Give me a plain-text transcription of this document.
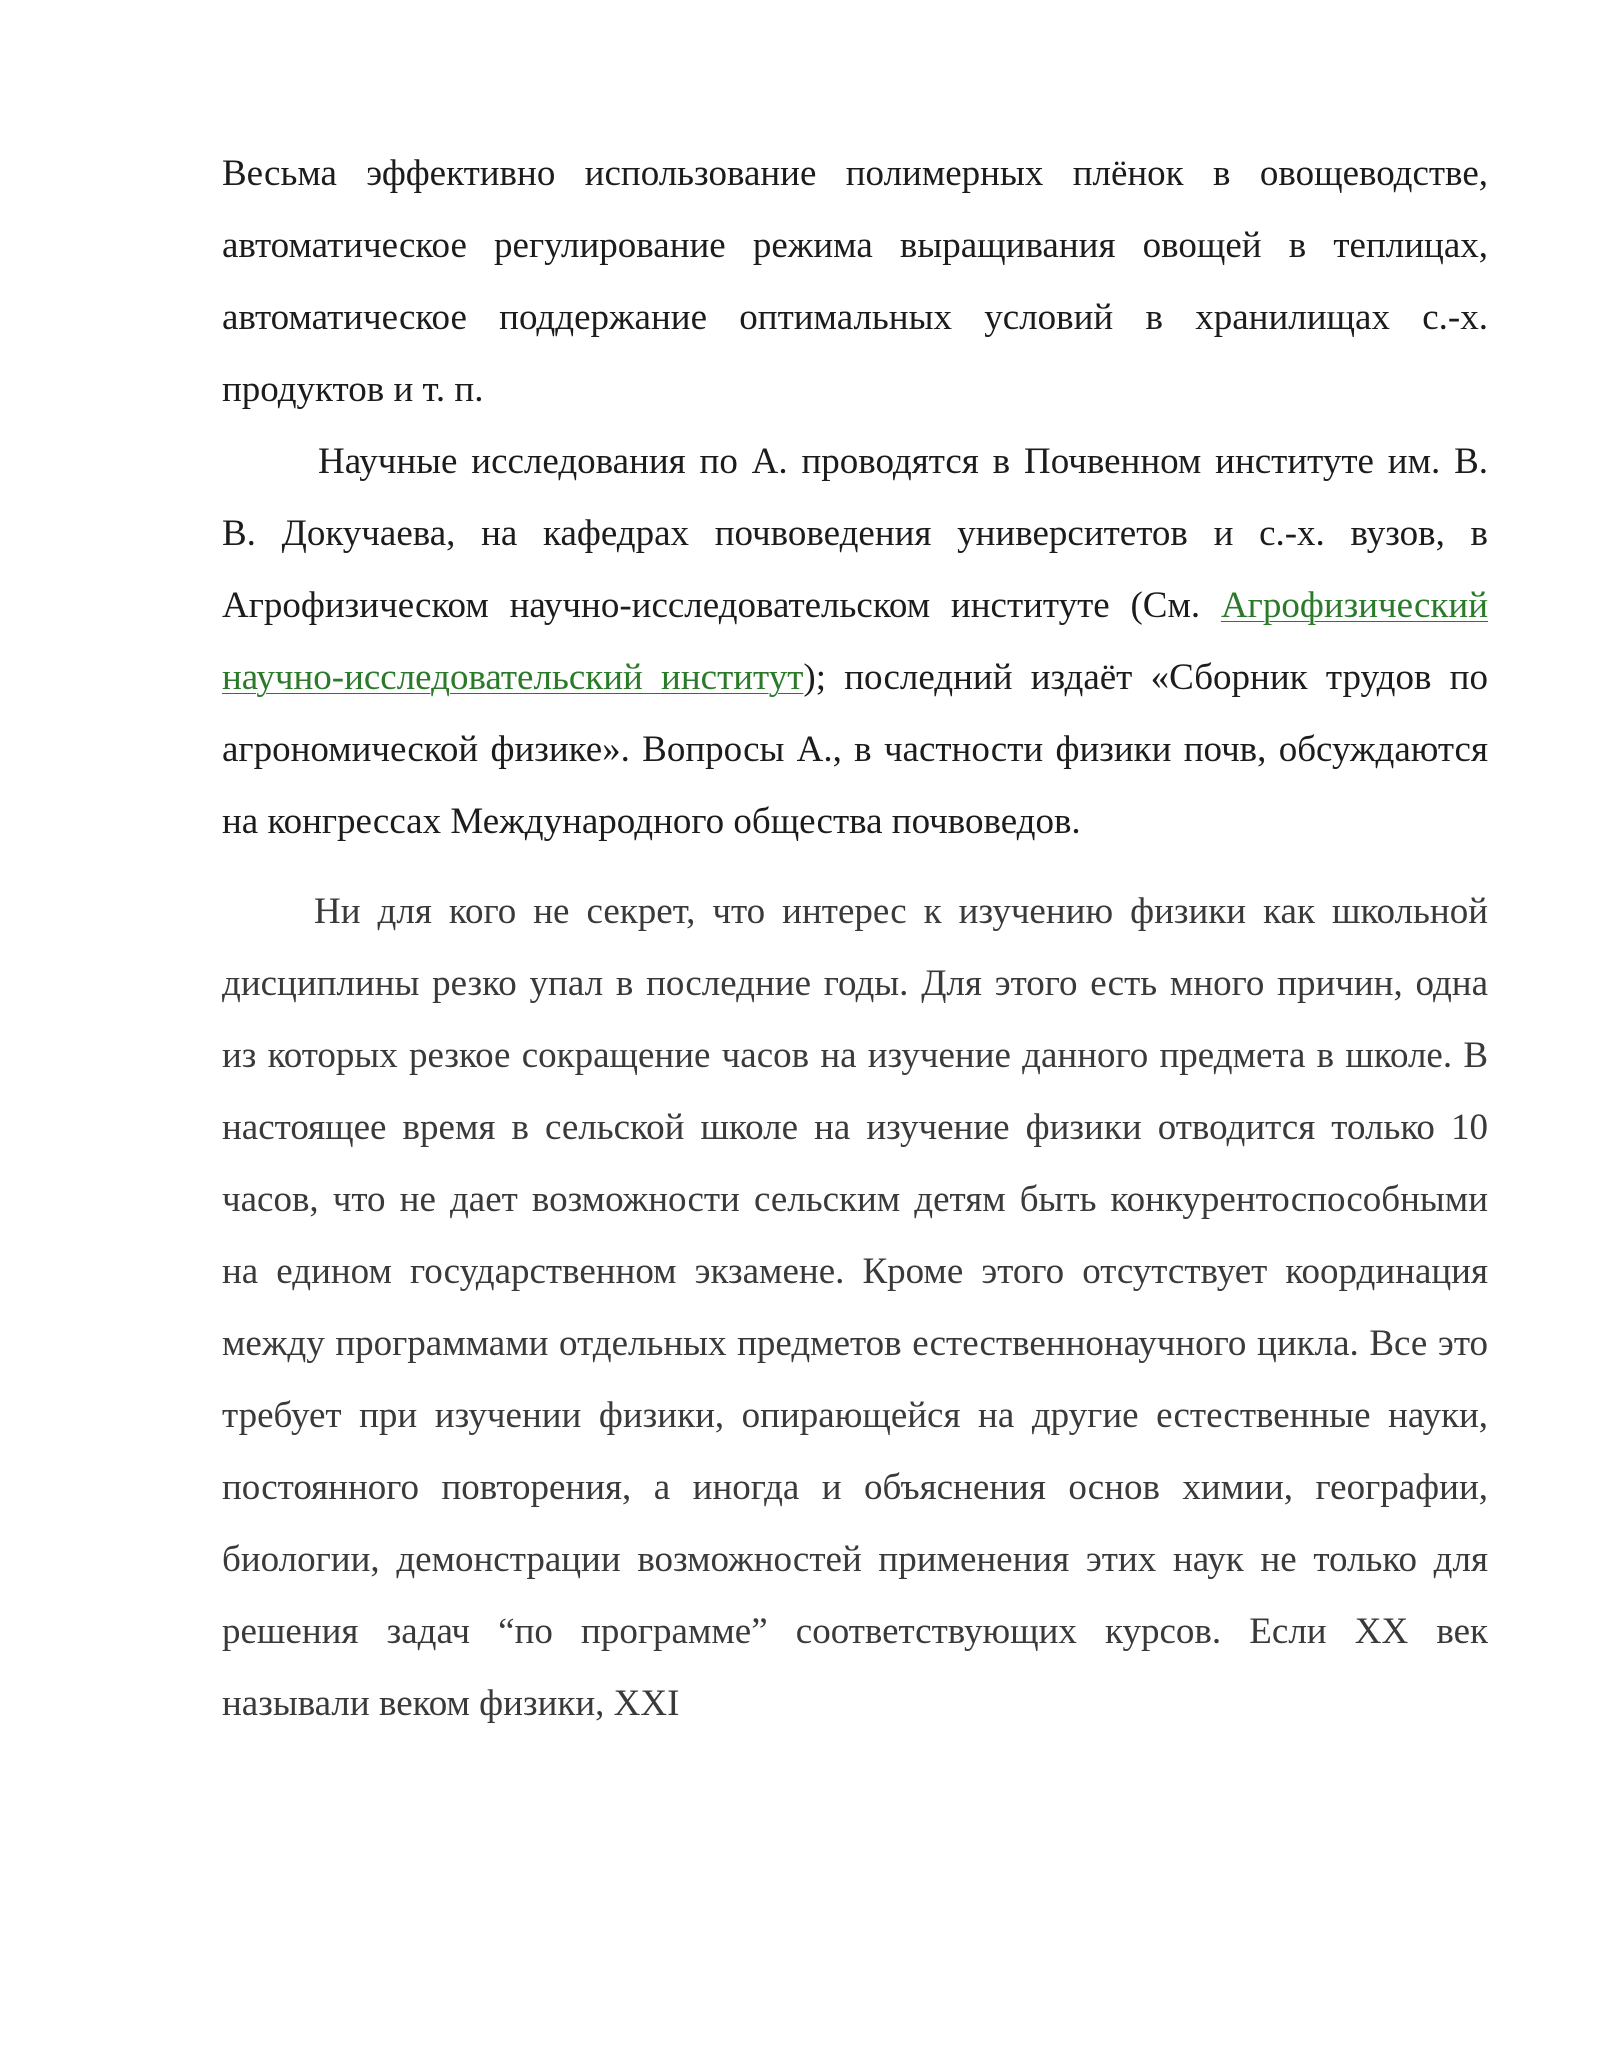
Весьма эффективно использование полимерных плёнок в овощеводстве, автоматическое регулирование режима выращивания овощей в теплицах, автоматическое поддержание оптимальных условий в хранилищах с.-х. продуктов и т. п.

Научные исследования по А. проводятся в Почвенном институте им. В. В. Докучаева, на кафедрах почвоведения университетов и с.-х. вузов, в Агрофизическом научно-исследовательском институте (См. Агрофизический научно-исследовательский институт); последний издаёт «Сборник трудов по агрономической физике». Вопросы А., в частности физики почв, обсуждаются на конгрессах Международного общества почвоведов.

Ни для кого не секрет, что интерес к изучению физики как школьной дисциплины резко упал в последние годы. Для этого есть много причин, одна из которых резкое сокращение часов на изучение данного предмета в школе. В настоящее время в сельской школе на изучение физики отводится только 10 часов, что не дает возможности сельским детям быть конкурентоспособными на едином государственном экзамене. Кроме этого отсутствует координация между программами отдельных предметов естественнонаучного цикла. Все это требует при изучении физики, опирающейся на другие естественные науки, постоянного повторения, а иногда и объяснения основ химии, географии, биологии, демонстрации возможностей применения этих наук не только для решения задач “по программе” соответствующих курсов. Если XX век называли веком физики, XXI
